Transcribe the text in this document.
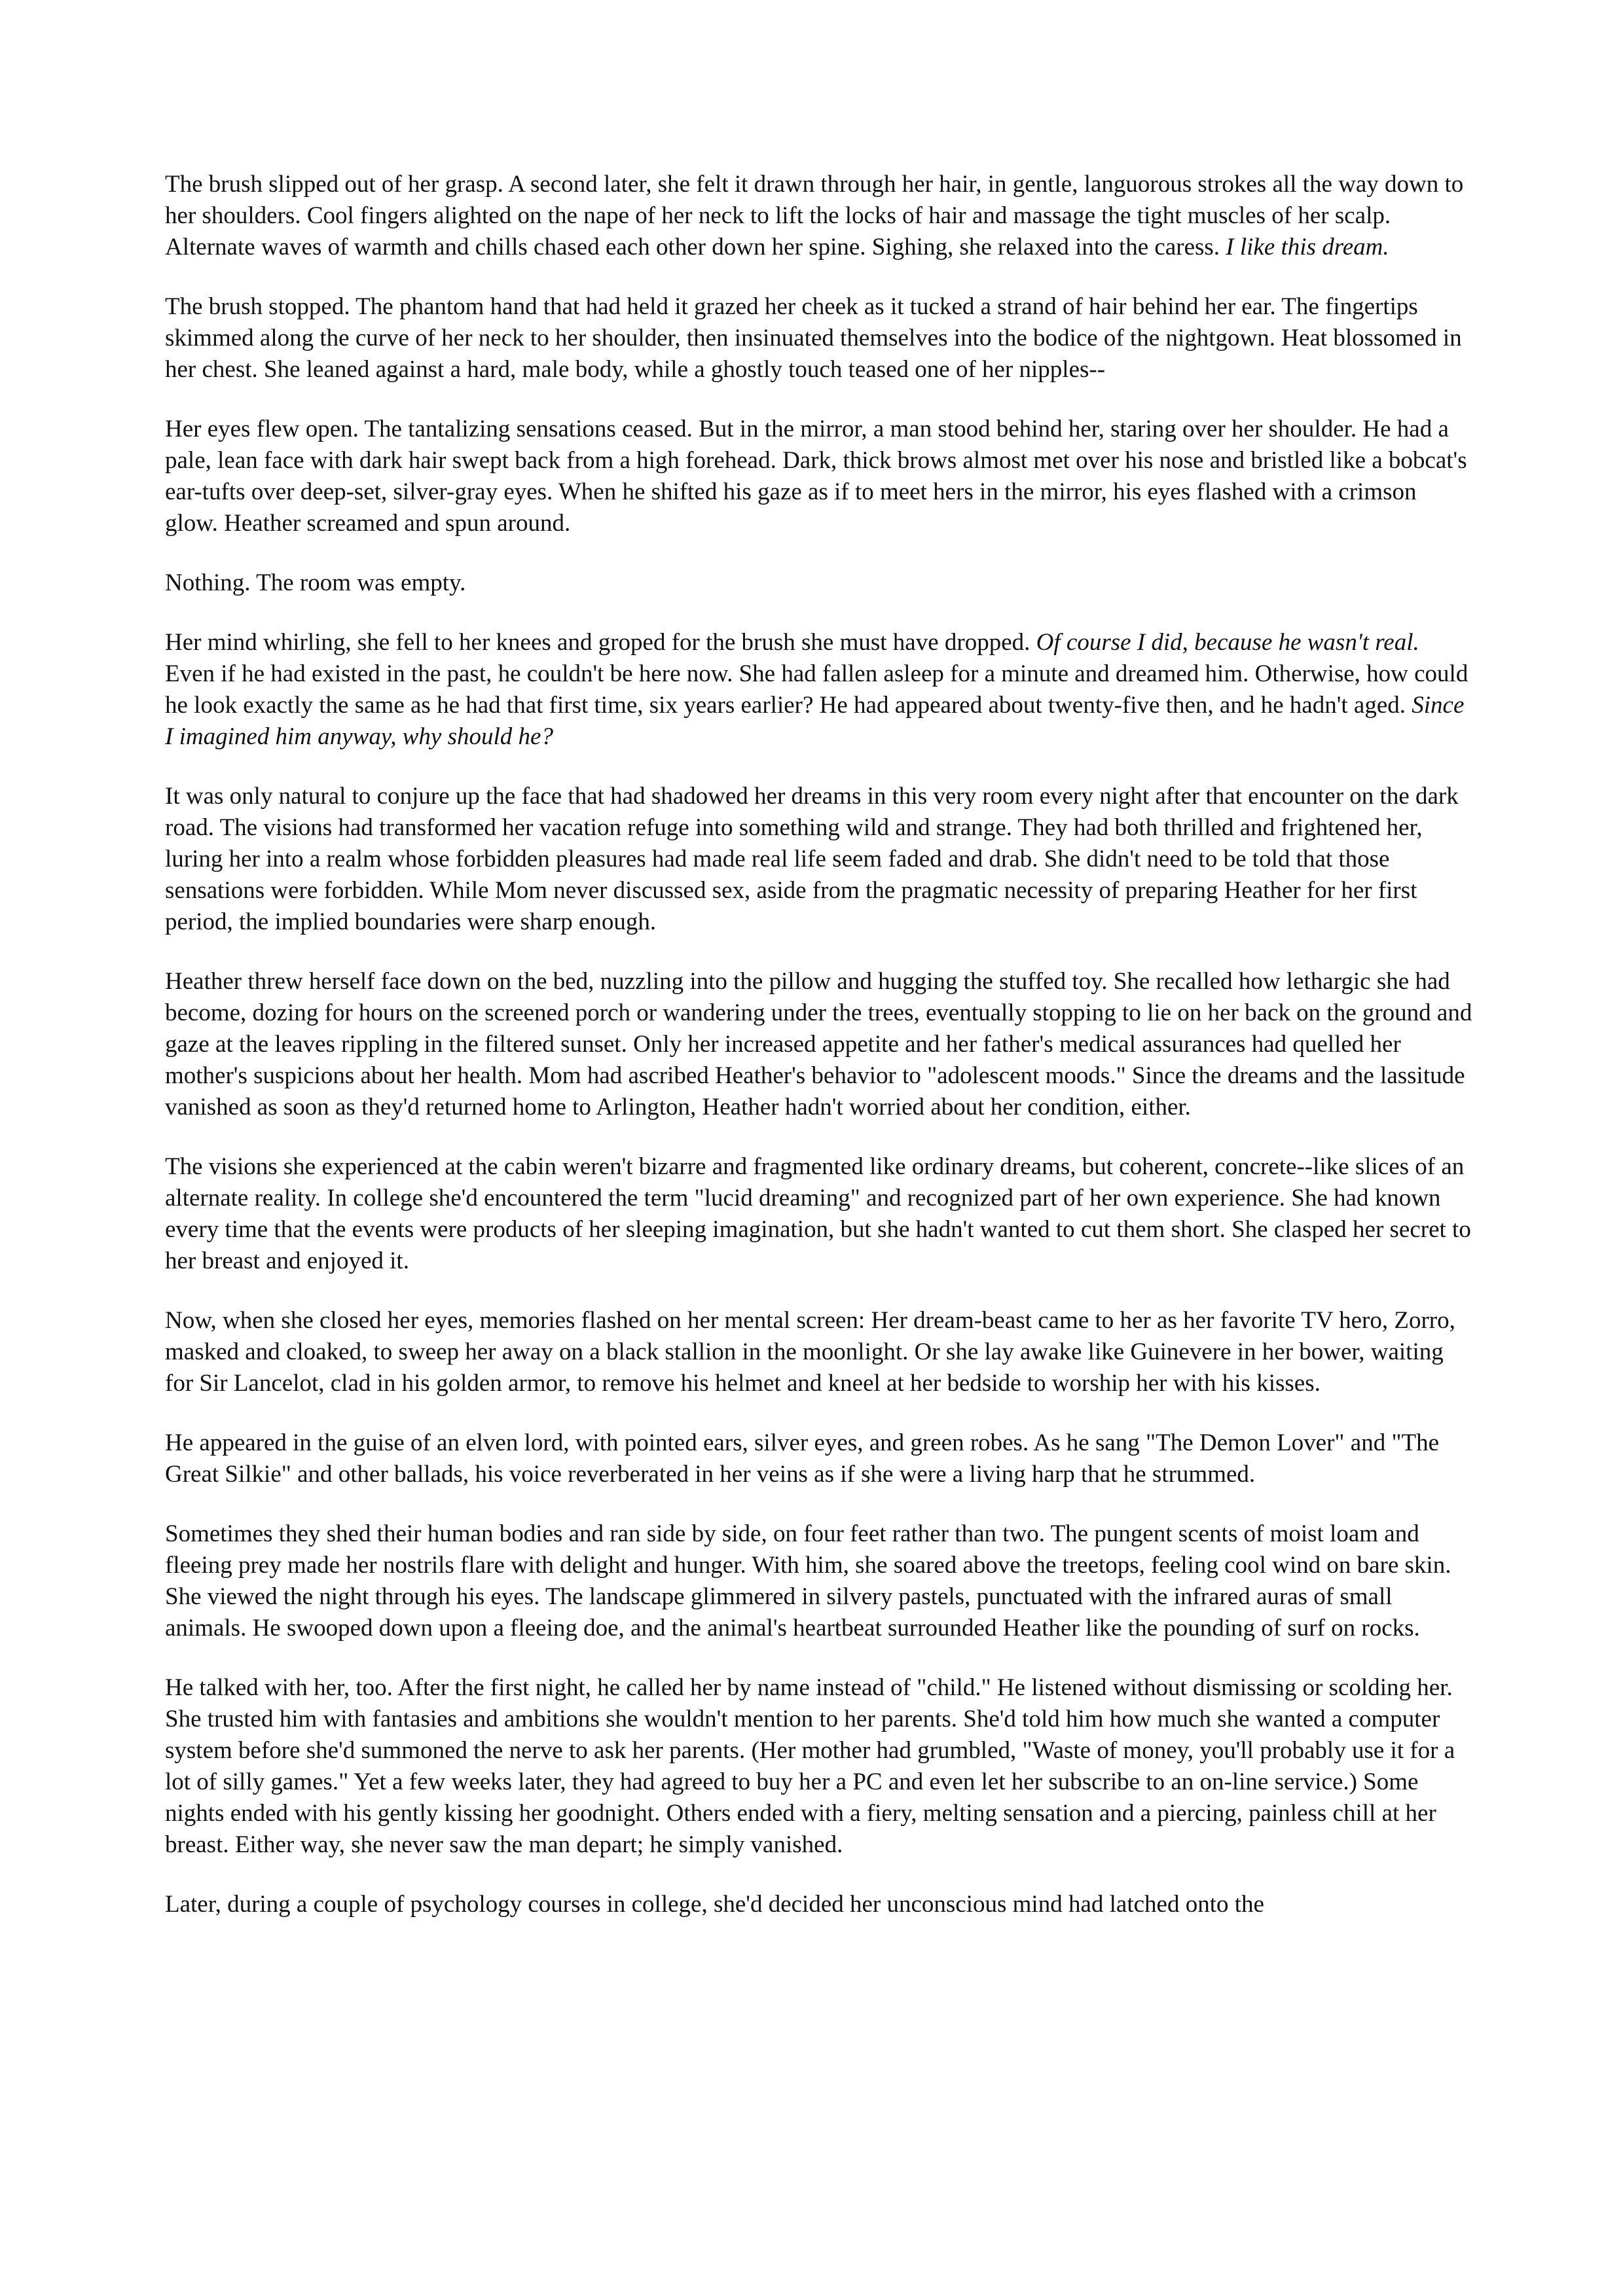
The brush slipped out of her grasp. A second later, she felt it drawn through her hair, in gentle, languorous strokes all the way down to her shoulders. Cool fingers alighted on the nape of her neck to lift the locks of hair and massage the tight muscles of her scalp. Alternate waves of warmth and chills chased each other down her spine. Sighing, she relaxed into the caress. I like this dream.

The brush stopped. The phantom hand that had held it grazed her cheek as it tucked a strand of hair behind her ear. The fingertips skimmed along the curve of her neck to her shoulder, then insinuated themselves into the bodice of the nightgown. Heat blossomed in her chest. She leaned against a hard, male body, while a ghostly touch teased one of her nipples--

Her eyes flew open. The tantalizing sensations ceased. But in the mirror, a man stood behind her, staring over her shoulder. He had a pale, lean face with dark hair swept back from a high forehead. Dark, thick brows almost met over his nose and bristled like a bobcat's ear-tufts over deep-set, silver-gray eyes. When he shifted his gaze as if to meet hers in the mirror, his eyes flashed with a crimson glow. Heather screamed and spun around.

Nothing. The room was empty.

Her mind whirling, she fell to her knees and groped for the brush she must have dropped. Of course I did, because he wasn't real. Even if he had existed in the past, he couldn't be here now. She had fallen asleep for a minute and dreamed him. Otherwise, how could he look exactly the same as he had that first time, six years earlier? He had appeared about twenty-five then, and he hadn't aged. Since I imagined him anyway, why should he?

It was only natural to conjure up the face that had shadowed her dreams in this very room every night after that encounter on the dark road. The visions had transformed her vacation refuge into something wild and strange. They had both thrilled and frightened her, luring her into a realm whose forbidden pleasures had made real life seem faded and drab. She didn't need to be told that those sensations were forbidden. While Mom never discussed sex, aside from the pragmatic necessity of preparing Heather for her first period, the implied boundaries were sharp enough.

Heather threw herself face down on the bed, nuzzling into the pillow and hugging the stuffed toy. She recalled how lethargic she had become, dozing for hours on the screened porch or wandering under the trees, eventually stopping to lie on her back on the ground and gaze at the leaves rippling in the filtered sunset. Only her increased appetite and her father's medical assurances had quelled her mother's suspicions about her health. Mom had ascribed Heather's behavior to "adolescent moods." Since the dreams and the lassitude vanished as soon as they'd returned home to Arlington, Heather hadn't worried about her condition, either.

The visions she experienced at the cabin weren't bizarre and fragmented like ordinary dreams, but coherent, concrete--like slices of an alternate reality. In college she'd encountered the term "lucid dreaming" and recognized part of her own experience. She had known every time that the events were products of her sleeping imagination, but she hadn't wanted to cut them short. She clasped her secret to her breast and enjoyed it.

Now, when she closed her eyes, memories flashed on her mental screen: Her dream-beast came to her as her favorite TV hero, Zorro, masked and cloaked, to sweep her away on a black stallion in the moonlight. Or she lay awake like Guinevere in her bower, waiting for Sir Lancelot, clad in his golden armor, to remove his helmet and kneel at her bedside to worship her with his kisses.

He appeared in the guise of an elven lord, with pointed ears, silver eyes, and green robes. As he sang "The Demon Lover" and "The Great Silkie" and other ballads, his voice reverberated in her veins as if she were a living harp that he strummed.

Sometimes they shed their human bodies and ran side by side, on four feet rather than two. The pungent scents of moist loam and fleeing prey made her nostrils flare with delight and hunger. With him, she soared above the treetops, feeling cool wind on bare skin. She viewed the night through his eyes. The landscape glimmered in silvery pastels, punctuated with the infrared auras of small animals. He swooped down upon a fleeing doe, and the animal's heartbeat surrounded Heather like the pounding of surf on rocks.

He talked with her, too. After the first night, he called her by name instead of "child." He listened without dismissing or scolding her. She trusted him with fantasies and ambitions she wouldn't mention to her parents. She'd told him how much she wanted a computer system before she'd summoned the nerve to ask her parents. (Her mother had grumbled, "Waste of money, you'll probably use it for a lot of silly games." Yet a few weeks later, they had agreed to buy her a PC and even let her subscribe to an on-line service.) Some nights ended with his gently kissing her goodnight. Others ended with a fiery, melting sensation and a piercing, painless chill at her breast. Either way, she never saw the man depart; he simply vanished.

Later, during a couple of psychology courses in college, she'd decided her unconscious mind had latched onto the
